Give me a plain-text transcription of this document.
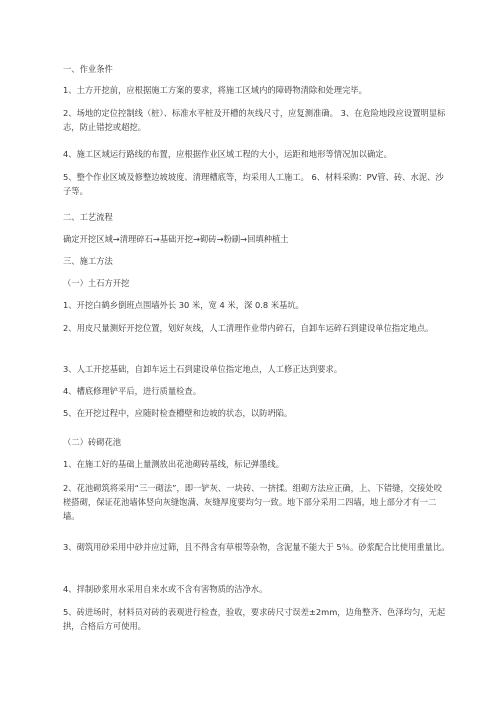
一、作业条件
1、土方开挖前，应根据施工方案的要求，将施工区域内的障碍物清除和处理完毕。
2、场地的定位控制线（桩）、标准水平桩及开槽的灰线尺寸，应复测准确。 3、在危险地段应设置明显标志，防止错挖或超挖。
4、施工区域运行路线的布置，应根据作业区域工程的大小，运距和地形等情况加以确定。
5、整个作业区域及修整边坡坡度、清理槽底等，均采用人工施工。 6、材料采购：PV管、砖、水泥、沙子等。
二、工艺流程
确定开挖区域→清理碎石→基础开挖→砌砖→粉刷→回填种植土
三、施工方法
（一）土石方开挖
1、开挖白鹤乡倒班点围墙外长 30 米，宽 4 米，深 0.8 米基坑。
2、用皮尺量测好开挖位置，划好灰线，人工清理作业带内碎石，自卸车运碎石到建设单位指定地点。
3、人工开挖基础，自卸车运土石到建设单位指定地点，人工修正达到要求。
4、槽底修理铲平后，进行质量检查。
5、在开挖过程中，应随时检查槽壁和边坡的状态，以防坍陷。
（二）砖砌花池
1、在施工好的基础上量测放出花池砌砖基线，标记弹墨线。
2、花池砌筑将采用“三一砌法”，即一铲灰、一块砖、一挤揉。组砌方法应正确，上、下错缝，交接处咬槎搭砌，保证花池墙体竖向灰缝饱满、灰缝厚度要均匀一致。地下部分采用二四墙，地上部分才有一二墙。
3、砌筑用砂采用中砂并应过筛，且不得含有草根等杂物，含泥量不能大于 5％。砂浆配合比使用重量比。
4、拌制砂浆用水采用自来水或不含有害物质的洁净水。
5、砖进场时，材料员对砖的表观进行检查，验收，要求砖尺寸误差±2mm，边角整齐、色泽均匀，无起拱，合格后方可使用。
